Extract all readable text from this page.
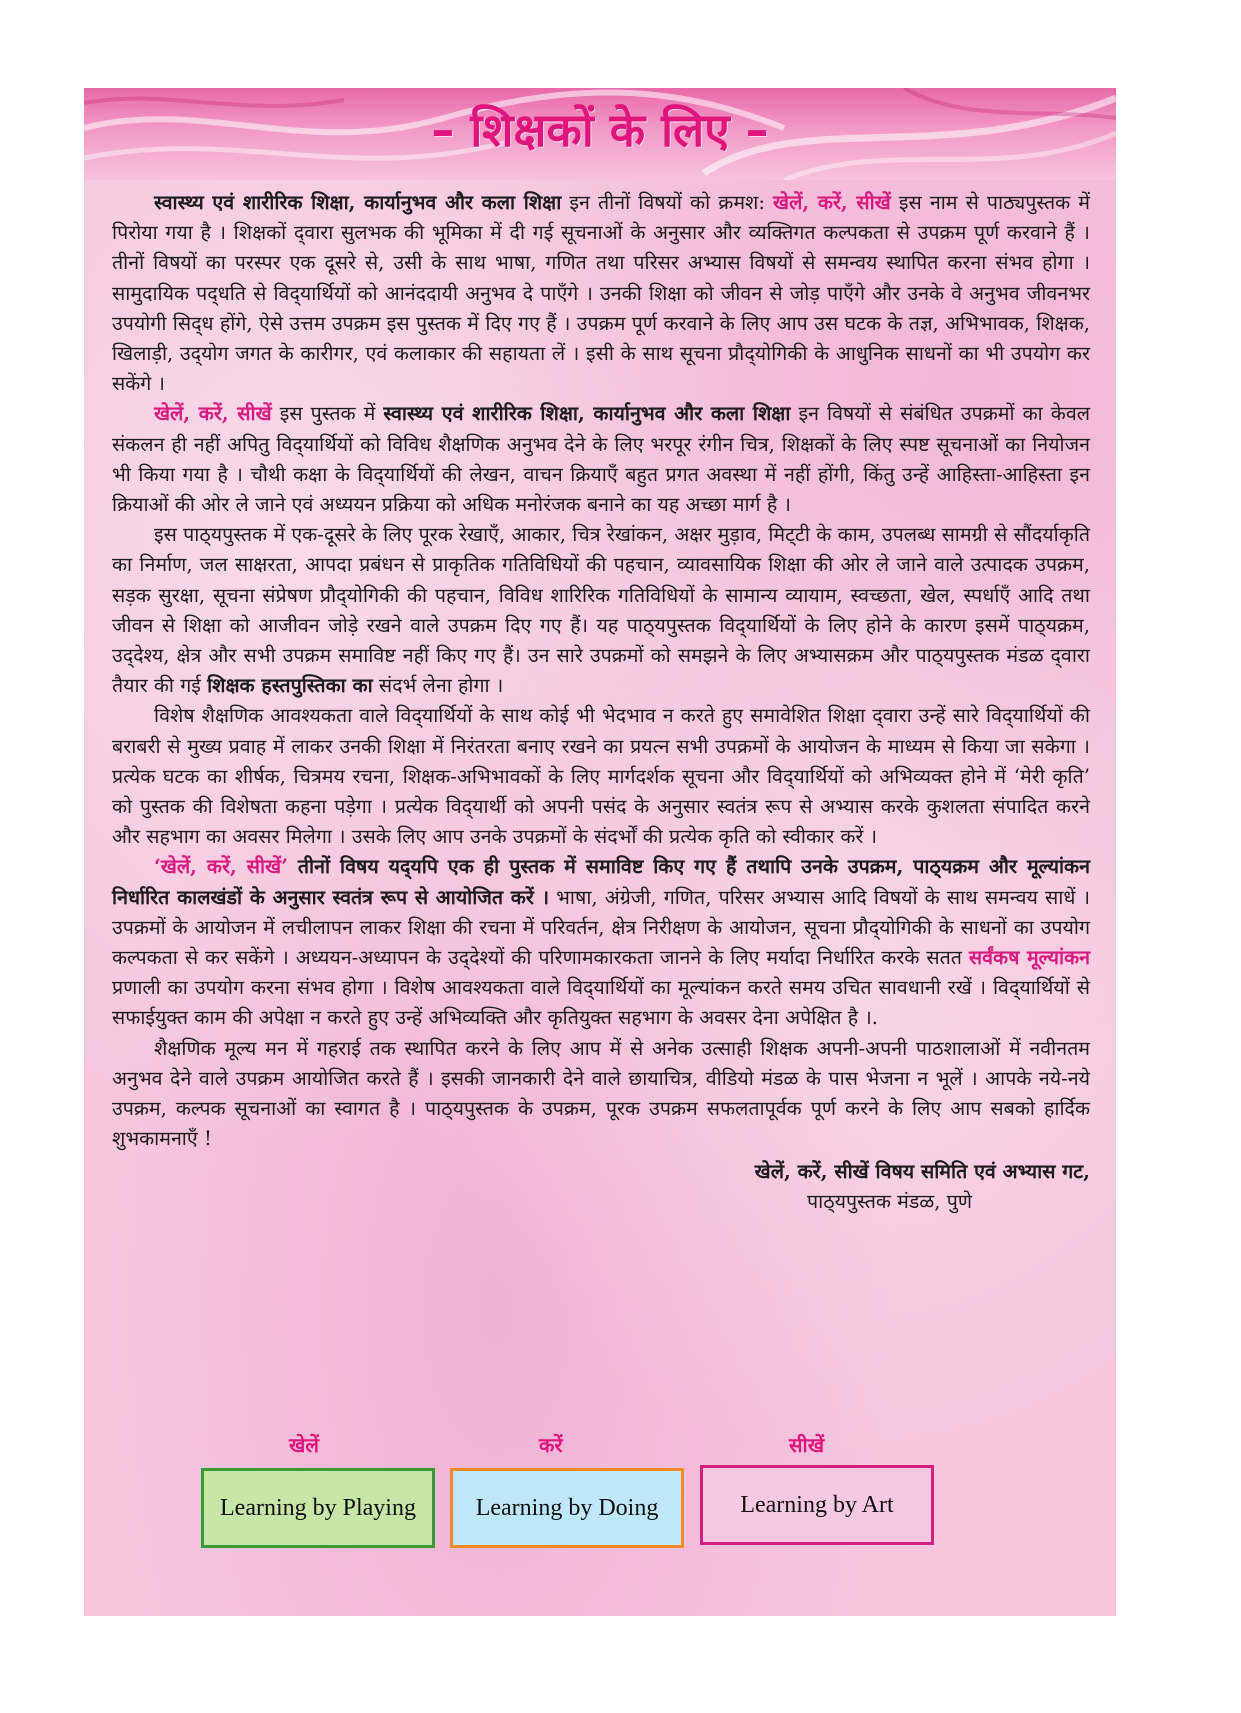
– शिक्षकों के लिए –

स्वास्थ्य एवं शारीरिक शिक्षा, कार्यानुभव और कला शिक्षा इन तीनों विषयों को क्रमश: खेलें, करें, सीखें इस नाम से पाठ्यपुस्तक में पिरोया गया है । शिक्षकों द्‌वारा सुलभक की भूमिका में दी गई सूचनाओं के अनुसार और व्यक्तिगत कल्पकता से उपक्रम पूर्ण करवाने हैं । तीनों विषयों का परस्पर एक दूसरे से, उसी के साथ भाषा, गणित तथा परिसर अभ्यास विषयों से समन्वय स्थापित करना संभव होगा । सामुदायिक पद्‌धति से विद्‌यार्थियों को आनंददायी अनुभव दे पाएँगे । उनकी शिक्षा को जीवन से जोड़ पाएँगे और उनके वे अनुभव जीवनभर उपयोगी सिद्‌ध होंगे, ऐसे उत्तम उपक्रम इस पुस्तक में दिए गए हैं । उपक्रम पूर्ण करवाने के लिए आप उस घटक के तज्ञ, अभिभावक, शिक्षक, खिलाड़ी, उद्‌योग जगत के कारीगर, एवं कलाकार की सहायता लें । इसी के साथ सूचना प्रौद्‌योगिकी के आधुनिक साधनों का भी उपयोग कर सकेंगे ।

खेलें, करें, सीखें इस पुस्तक में स्वास्थ्य एवं शारीरिक शिक्षा, कार्यानुभव और कला शिक्षा इन विषयों से संबंधित उपक्रमों का केवल संकलन ही नहीं अपितु विद्‌यार्थियों को विविध शैक्षणिक अनुभव देने के लिए भरपूर रंगीन चित्र, शिक्षकों के लिए स्पष्ट सूचनाओं का नियोजन भी किया गया है । चौथी कक्षा के विद्‌यार्थियों की लेखन, वाचन क्रियाएँ बहुत प्रगत अवस्था में नहीं होंगी, किंतु उन्हें आहिस्ता-आहिस्ता इन क्रियाओं की ओर ले जाने एवं अध्ययन प्रक्रिया को अधिक मनोरंजक बनाने का यह अच्छा मार्ग है ।

इस पाठ्‌यपुस्तक में एक-दूसरे के लिए पूरक रेखाएँ, आकार, चित्र रेखांकन, अक्षर मुड़ाव, मिट्‌टी के काम, उपलब्ध सामग्री से सौंदर्याकृति का निर्माण, जल साक्षरता, आपदा प्रबंधन से प्राकृतिक गतिविधियों की पहचान, व्यावसायिक शिक्षा की ओर ले जाने वाले उत्पादक उपक्रम, सड़क सुरक्षा, सूचना संप्रेषण प्रौद्‌योगिकी की पहचान, विविध शारिरिक गतिविधियों के सामान्य व्यायाम, स्वच्छता, खेल, स्पर्धाएँ आदि तथा जीवन से शिक्षा को आजीवन जोड़े रखने वाले उपक्रम दिए गए हैं। यह पाठ्‌यपुस्तक विद्‌यार्थियों के लिए होने के कारण इसमें पाठ्‌यक्रम, उद्‌देश्य, क्षेत्र और सभी उपक्रम समाविष्ट नहीं किए गए हैं। उन सारे उपक्रमों को समझने के लिए अभ्यासक्रम और पाठ्‌यपुस्तक मंडळ द्‌वारा तैयार की गई शिक्षक हस्तपुस्तिका का संदर्भ लेना होगा ।

विशेष शैक्षणिक आवश्यकता वाले विद्‌यार्थियों के साथ कोई भी भेदभाव न करते हुए समावेशित शिक्षा द्‌वारा उन्हें सारे विद्‌यार्थियों की बराबरी से मुख्य प्रवाह में लाकर उनकी शिक्षा में निरंतरता बनाए रखने का प्रयत्न सभी उपक्रमों के आयोजन के माध्यम से किया जा सकेगा । प्रत्येक घटक का शीर्षक, चित्रमय रचना, शिक्षक-अभिभावकों के लिए मार्गदर्शक सूचना और विद्‌यार्थियों को अभिव्यक्त होने में ‘मेरी कृति’ को पुस्तक की विशेषता कहना पड़ेगा । प्रत्येक विद्‌यार्थी को अपनी पसंद के अनुसार स्वतंत्र रूप से अभ्यास करके कुशलता संपादित करने और सहभाग का अवसर मिलेगा । उसके लिए आप उनके उपक्रमों के संदर्भों की प्रत्येक कृति को स्वीकार करें ।

‘खेलें, करें, सीखें’ तीनों विषय यद्‌यपि एक ही पुस्तक में समाविष्ट किए गए हैं तथापि उनके उपक्रम, पाठ्‌यक्रम और मूल्यांकन निर्धारित कालखंडों के अनुसार स्वतंत्र रूप से आयोजित करें । भाषा, अंग्रेजी, गणित, परिसर अभ्यास आदि विषयों के साथ समन्वय साधें । उपक्रमों के आयोजन में लचीलापन लाकर शिक्षा की रचना में परिवर्तन, क्षेत्र निरीक्षण के आयोजन, सूचना प्रौद्‌योगिकी के साधनों का उपयोग कल्पकता से कर सकेंगे । अध्ययन-अध्यापन के उद्‌देश्यों की परिणामकारकता जानने के लिए मर्यादा निर्धारित करके सतत सर्वंकष मूल्यांकन प्रणाली का उपयोग करना संभव होगा । विशेष आवश्यकता वाले विद्‌यार्थियों का मूल्यांकन करते समय उचित सावधानी रखें । विद्‌यार्थियों से सफाईयुक्त काम की अपेक्षा न करते हुए उन्हें अभिव्यक्ति और कृतियुक्त सहभाग के अवसर देना अपेक्षित है ।.

शैक्षणिक मूल्य मन में गहराई तक स्थापित करने के लिए आप में से अनेक उत्साही शिक्षक अपनी-अपनी पाठशालाओं में नवीनतम अनुभव देने वाले उपक्रम आयोजित करते हैं । इसकी जानकारी देने वाले छायाचित्र, वीडियो मंडळ के पास भेजना न भूलें । आपके नये-नये उपक्रम, कल्पक सूचनाओं का स्वागत है । पाठ्‌यपुस्तक के उपक्रम, पूरक उपक्रम सफलतापूर्वक पूर्ण करने के लिए आप सबको हार्दिक शुभकामनाएँ !

खेलें, करें, सीखें विषय समिति एवं अभ्यास गट,
पाठ्‌यपुस्तक मंडळ, पुणे
खेलें	करें	सीखें
Learning by Playing	Learning by Doing	Learning by Art
